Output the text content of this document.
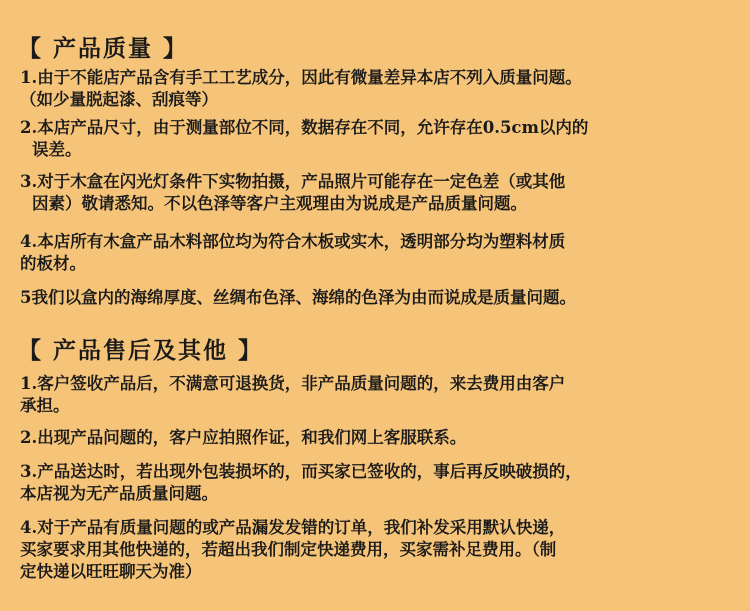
【 产品质量 】
1.由于不能店产品含有手工工艺成分，因此有微量差异本店不列入质量问题。
（如少量脱起漆、刮痕等）
2.本店产品尺寸，由于测量部位不同，数据存在不同，允许存在0.5cm以内的
误差。
3.对于木盒在闪光灯条件下实物拍摄，产品照片可能存在一定色差（或其他
因素）敬请悉知。不以色泽等客户主观理由为说成是产品质量问题。
4.本店所有木盒产品木料部位均为符合木板或实木，透明部分均为塑料材质
的板材。
5我们以盒内的海绵厚度、丝绸布色泽、海绵的色泽为由而说成是质量问题。
【 产品售后及其他 】
1.客户签收产品后，不满意可退换货，非产品质量问题的，来去费用由客户
承担。
2.出现产品问题的，客户应拍照作证，和我们网上客服联系。
3.产品送达时，若出现外包装损坏的，而买家已签收的，事后再反映破损的，
本店视为无产品质量问题。
4.对于产品有质量问题的或产品漏发发错的订单，我们补发采用默认快递，
买家要求用其他快递的，若超出我们制定快递费用，买家需补足费用。（制
定快递以旺旺聊天为准）
